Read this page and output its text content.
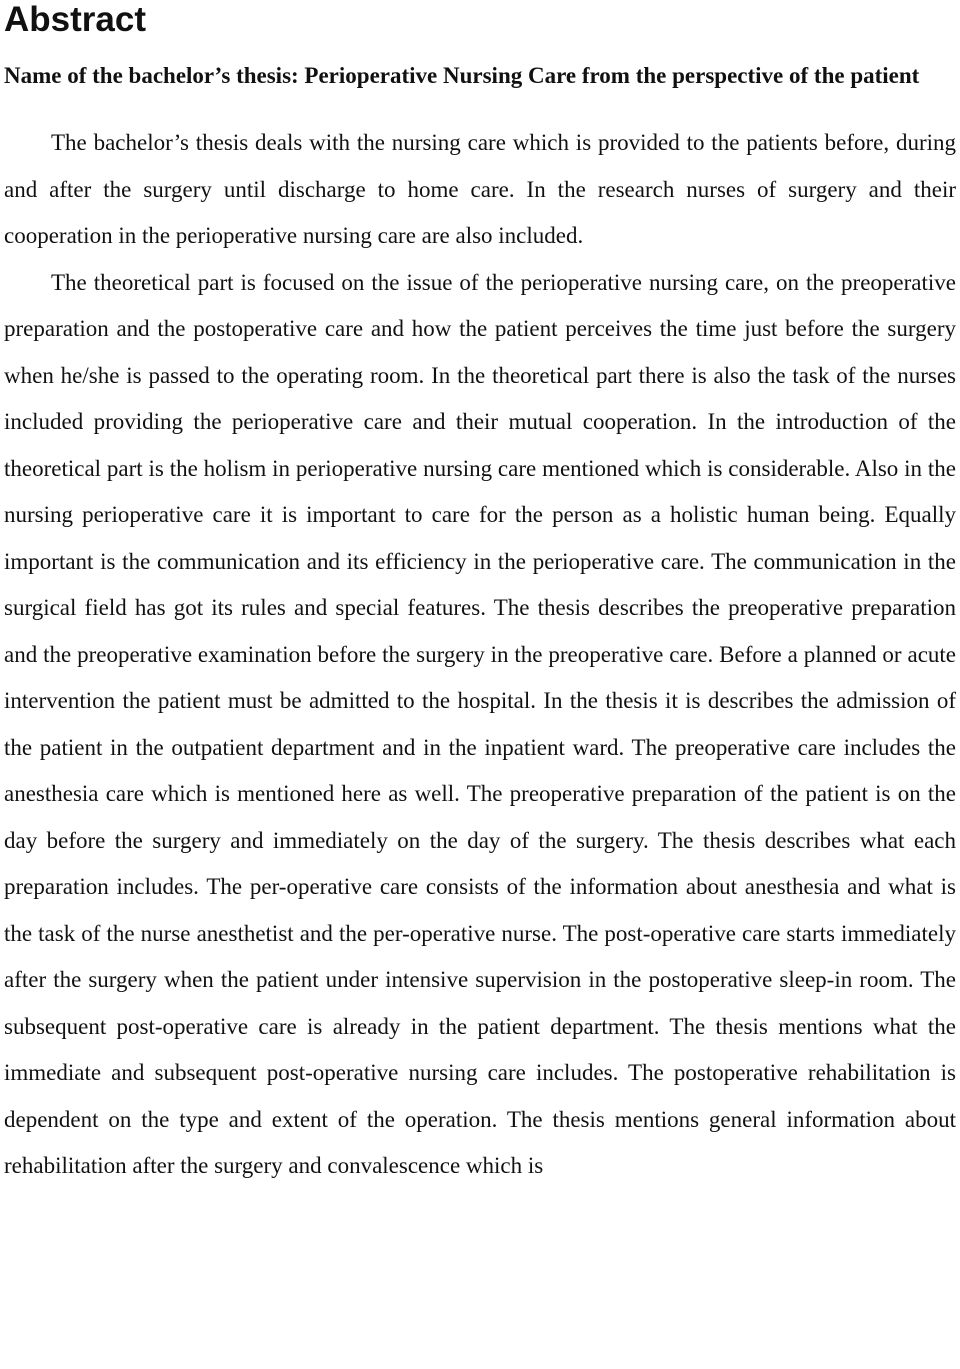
Abstract

Name of the bachelor’s thesis: Perioperative Nursing Care from the perspective of the patient

The bachelor’s thesis deals with the nursing care which is provided to the patients before, during and after the surgery until discharge to home care. In the research nurses of surgery and their cooperation in the perioperative nursing care are also included.

The theoretical part is focused on the issue of the perioperative nursing care, on the preoperative preparation and the postoperative care and how the patient perceives the time just before the surgery when he/she is passed to the operating room. In the theoretical part there is also the task of the nurses included providing the perioperative care and their mutual cooperation. In the introduction of the theoretical part is the holism in perioperative nursing care mentioned which is considerable. Also in the nursing perioperative care it is important to care for the person as a holistic human being. Equally important is the communication and its efficiency in the perioperative care. The communication in the surgical field has got its rules and special features. The thesis describes the preoperative preparation and the preoperative examination before the surgery in the preoperative care. Before a planned or acute intervention the patient must be admitted to the hospital. In the thesis it is describes the admission of the patient in the outpatient department and in the inpatient ward. The preoperative care includes the anesthesia care which is mentioned here as well. The preoperative preparation of the patient is on the day before the surgery and immediately on the day of the surgery. The thesis describes what each preparation includes. The per-operative care consists of the information about anesthesia and what is the task of the nurse anesthetist and the per-operative nurse. The post-operative care starts immediately after the surgery when the patient under intensive supervision in the postoperative sleep-in room. The subsequent post-operative care is already in the patient department. The thesis mentions what the immediate and subsequent post-operative nursing care includes. The postoperative rehabilitation is dependent on the type and extent of the operation. The thesis mentions general information about rehabilitation after the surgery and convalescence which is
